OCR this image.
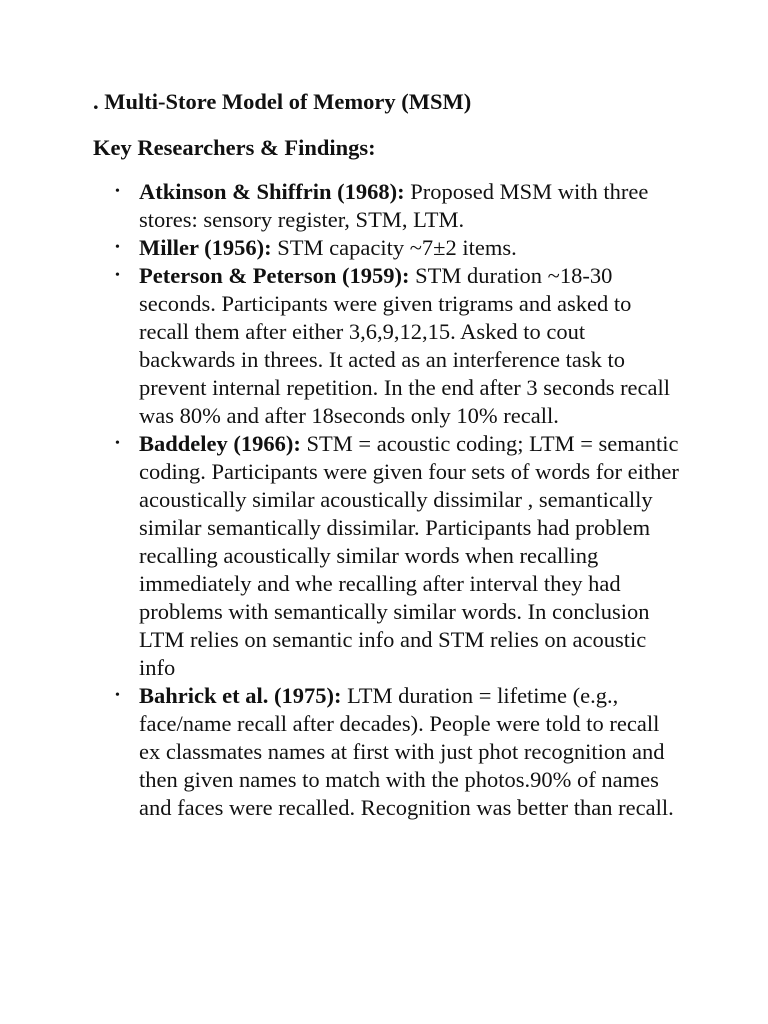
. Multi-Store Model of Memory (MSM)

Key Researchers & Findings:

• Atkinson & Shiffrin (1968): Proposed MSM with three stores: sensory register, STM, LTM.
• Miller (1956): STM capacity ~7±2 items.
• Peterson & Peterson (1959): STM duration ~18-30 seconds. Participants were given trigrams and asked to recall them after either 3,6,9,12,15. Asked to cout backwards in threes. It acted as an interference task to prevent internal repetition. In the end after 3 seconds recall was 80% and after 18seconds only 10% recall.
• Baddeley (1966): STM = acoustic coding; LTM = semantic coding. Participants were given four sets of words for either acoustically similar acoustically dissimilar , semantically similar semantically dissimilar. Participants had problem recalling acoustically similar words when recalling immediately and whe recalling after interval they had problems with semantically similar words. In conclusion LTM relies on semantic info and STM relies on acoustic info
• Bahrick et al. (1975): LTM duration = lifetime (e.g., face/name recall after decades). People were told to recall ex classmates names at first with just phot recognition and then given names to match with the photos.90% of names and faces were recalled. Recognition was better than recall.
